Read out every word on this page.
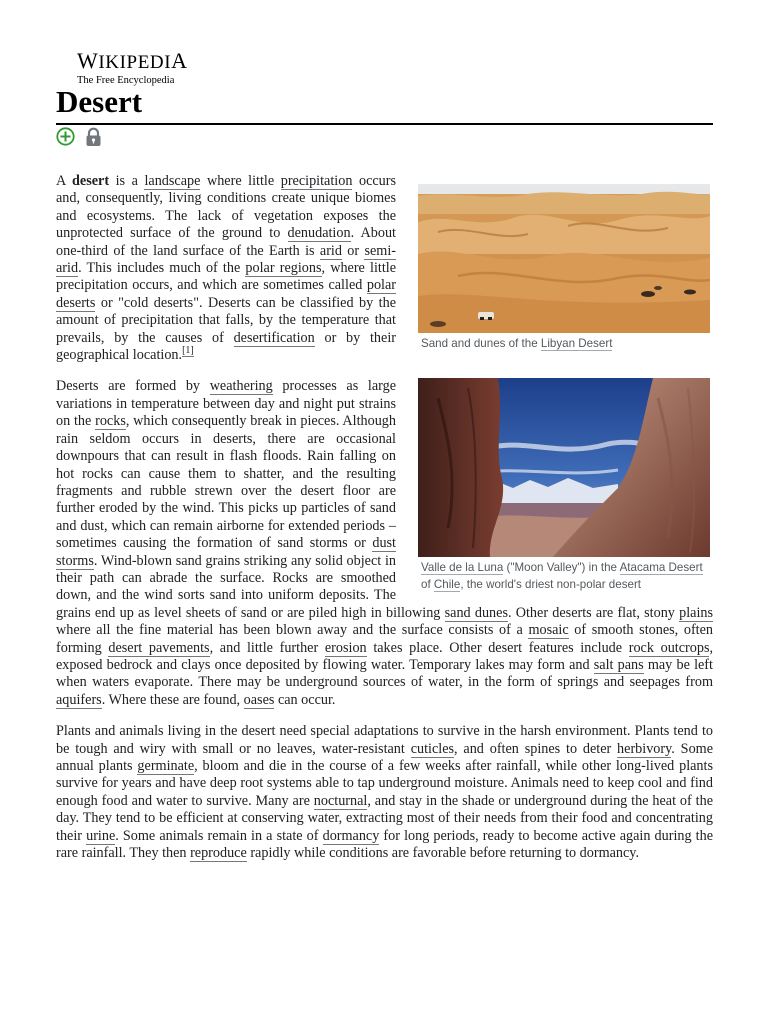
WIKIPEDIA
The Free Encyclopedia
Desert
Sand and dunes of the Libyan Desert

A desert is a landscape where little precipitation occurs and, consequently, living conditions create unique biomes and ecosystems. The lack of vegetation exposes the unprotected surface of the ground to denudation. About one-third of the land surface of the Earth is arid or semi-arid. This includes much of the polar regions, where little precipitation occurs, and which are sometimes called polar deserts or "cold deserts". Deserts can be classified by the amount of precipitation that falls, by the temperature that prevails, by the causes of desertification or by their geographical location.[1]

Valle de la Luna ("Moon Valley") in the Atacama Desert of Chile, the world's driest non-polar desert

Deserts are formed by weathering processes as large variations in temperature between day and night put strains on the rocks, which consequently break in pieces. Although rain seldom occurs in deserts, there are occasional downpours that can result in flash floods. Rain falling on hot rocks can cause them to shatter, and the resulting fragments and rubble strewn over the desert floor are further eroded by the wind. This picks up particles of sand and dust, which can remain airborne for extended periods – sometimes causing the formation of sand storms or dust storms. Wind-blown sand grains striking any solid object in their path can abrade the surface. Rocks are smoothed down, and the wind sorts sand into uniform deposits. The grains end up as level sheets of sand or are piled high in billowing sand dunes. Other deserts are flat, stony plains where all the fine material has been blown away and the surface consists of a mosaic of smooth stones, often forming desert pavements, and little further erosion takes place. Other desert features include rock outcrops, exposed bedrock and clays once deposited by flowing water. Temporary lakes may form and salt pans may be left when waters evaporate. There may be underground sources of water, in the form of springs and seepages from aquifers. Where these are found, oases can occur.

Plants and animals living in the desert need special adaptations to survive in the harsh environment. Plants tend to be tough and wiry with small or no leaves, water-resistant cuticles, and often spines to deter herbivory. Some annual plants germinate, bloom and die in the course of a few weeks after rainfall, while other long-lived plants survive for years and have deep root systems able to tap underground moisture. Animals need to keep cool and find enough food and water to survive. Many are nocturnal, and stay in the shade or underground during the heat of the day. They tend to be efficient at conserving water, extracting most of their needs from their food and concentrating their urine. Some animals remain in a state of dormancy for long periods, ready to become active again during the rare rainfall. They then reproduce rapidly while conditions are favorable before returning to dormancy.
